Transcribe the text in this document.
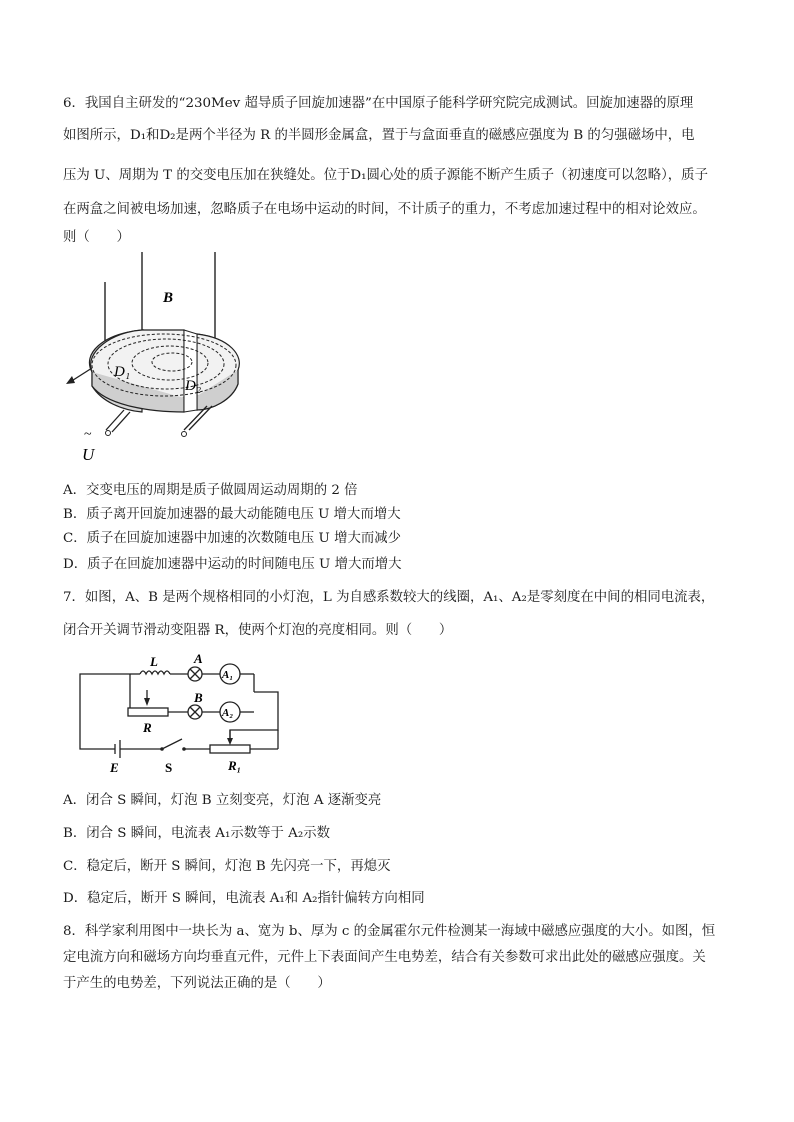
6．我国自主研发的“230Mev 超导质子回旋加速器”在中国原子能科学研究院完成测试。回旋加速器的原理
如图所示，D₁和D₂是两个半径为 R 的半圆形金属盒，置于与盒面垂直的磁感应强度为 B 的匀强磁场中，电
压为 U、周期为 T 的交变电压加在狭缝处。位于D₁圆心处的质子源能不断产生质子（初速度可以忽略），质子
在两盒之间被电场加速，忽略质子在电场中运动的时间，不计质子的重力，不考虑加速过程中的相对论效应。
则（　　）
B
D₁
D₂
~
U
A．交变电压的周期是质子做圆周运动周期的 2 倍
B．质子离开回旋加速器的最大动能随电压 U 增大而增大
C．质子在回旋加速器中加速的次数随电压 U 增大而减少
D．质子在回旋加速器中运动的时间随电压 U 增大而增大
7．如图，A、B 是两个规格相同的小灯泡，L 为自感系数较大的线圈，A₁、A₂是零刻度在中间的相同电流表，
闭合开关调节滑动变阻器 R，使两个灯泡的亮度相同。则（　　）
L	A
A₁
B
A₂
R
E	S	R₁
A．闭合 S 瞬间，灯泡 B 立刻变亮，灯泡 A 逐渐变亮
B．闭合 S 瞬间，电流表 A₁示数等于 A₂示数
C．稳定后，断开 S 瞬间，灯泡 B 先闪亮一下，再熄灭
D．稳定后，断开 S 瞬间，电流表 A₁和 A₂指针偏转方向相同
8．科学家利用图中一块长为 a、宽为 b、厚为 c 的金属霍尔元件检测某一海域中磁感应强度的大小。如图，恒
定电流方向和磁场方向均垂直元件，元件上下表面间产生电势差，结合有关参数可求出此处的磁感应强度。关
于产生的电势差，下列说法正确的是（　　）
